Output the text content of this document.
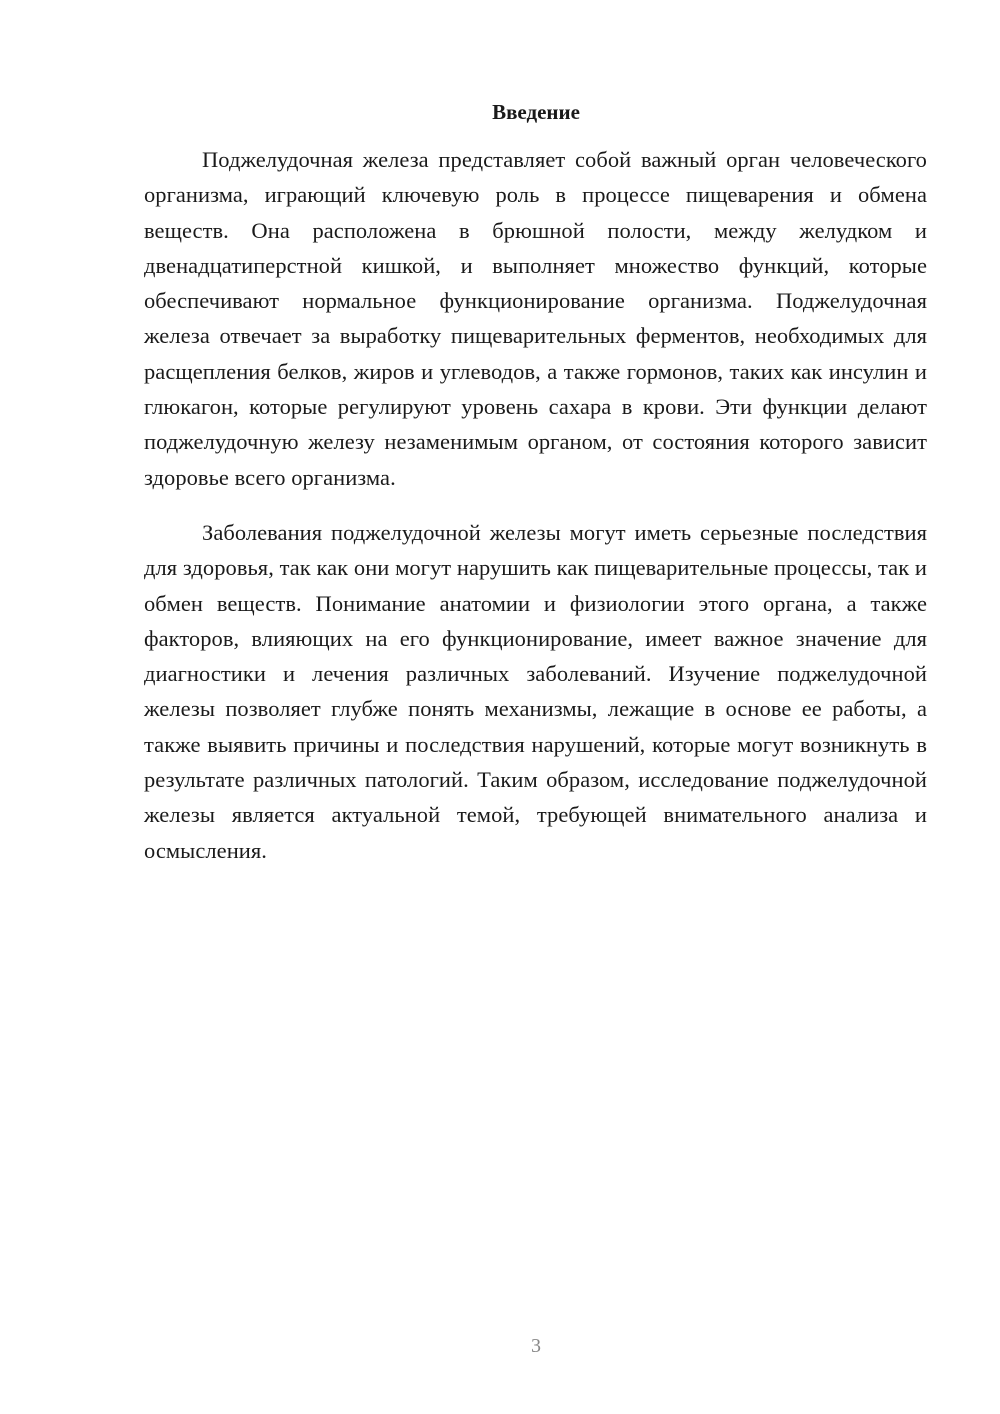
Введение

Поджелудочная железа представляет собой важный орган человеческого организма, играющий ключевую роль в процессе пищеварения и обмена веществ. Она расположена в брюшной полости, между желудком и двенадцатиперстной кишкой, и выполняет множество функций, которые обеспечивают нормальное функционирование организма. Поджелудочная железа отвечает за выработку пищеварительных ферментов, необходимых для расщепления белков, жиров и углеводов, а также гормонов, таких как инсулин и глюкагон, которые регулируют уровень сахара в крови. Эти функции делают поджелудочную железу незаменимым органом, от состояния которого зависит здоровье всего организма.

Заболевания поджелудочной железы могут иметь серьезные последствия для здоровья, так как они могут нарушить как пищеварительные процессы, так и обмен веществ. Понимание анатомии и физиологии этого органа, а также факторов, влияющих на его функционирование, имеет важное значение для диагностики и лечения различных заболеваний. Изучение поджелудочной железы позволяет глубже понять механизмы, лежащие в основе ее работы, а также выявить причины и последствия нарушений, которые могут возникнуть в результате различных патологий. Таким образом, исследование поджелудочной железы является актуальной темой, требующей внимательного анализа и осмысления.

3
